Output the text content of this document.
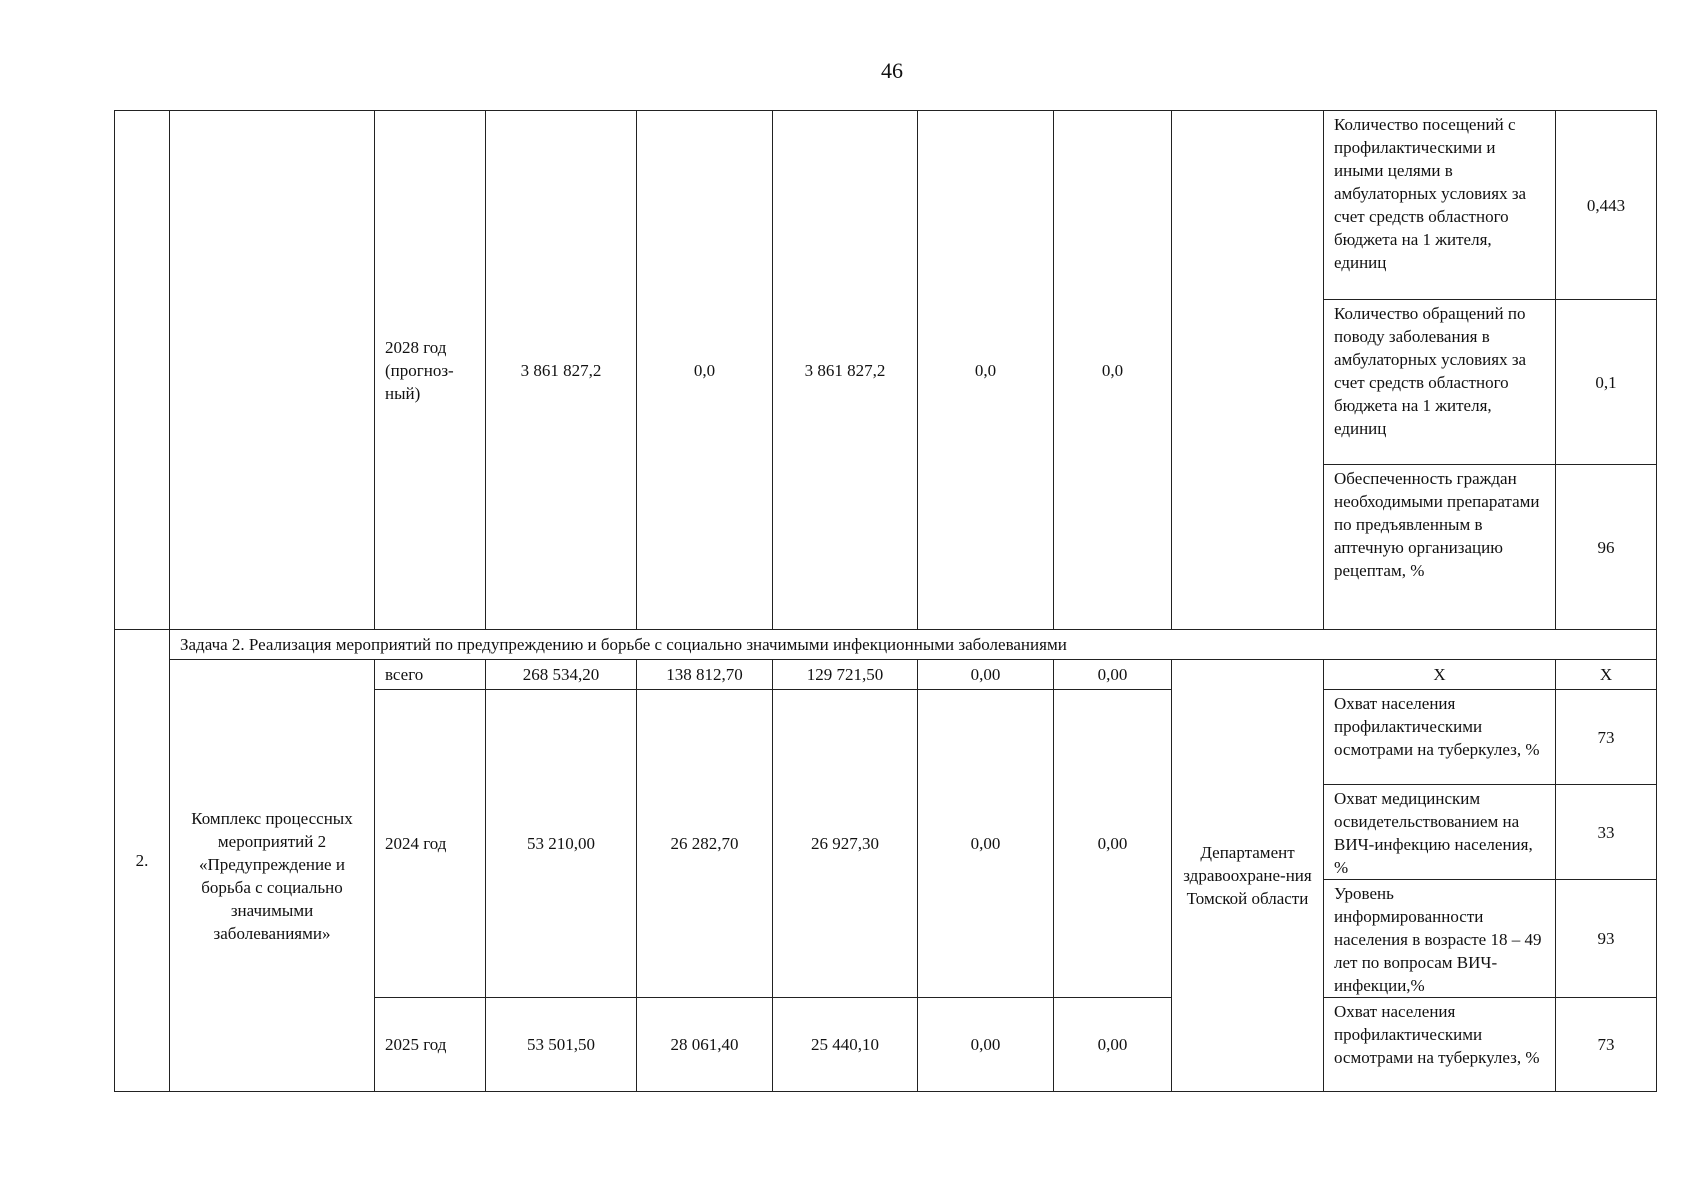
46
		2028 год (прогноз-ный)	3 861 827,2	0,0	3 861 827,2	0,0	0,0		Количество посещений с профилактическими и иными целями в амбулаторных условиях за счет средств областного бюджета на 1 жителя, единиц	0,443
									Количество обращений по поводу заболевания в амбулаторных условиях за счет средств областного бюджета на 1 жителя, единиц	0,1
									Обеспеченность граждан необходимыми препаратами по предъявленным в аптечную организацию рецептам, %	96
2.	Задача 2. Реализация мероприятий по предупреждению и борьбе с социально значимыми инфекционными заболеваниями									
	Комплекс процессных мероприятий 2 «Предупреждение и борьба с социально значимыми заболеваниями»	всего	268 534,20	138 812,70	129 721,50	0,00	0,00	Департамент здравоохране-ния Томской области	Х	Х
		2024 год	53 210,00	26 282,70	26 927,30	0,00	0,00		Охват населения профилактическими осмотрами на туберкулез, %	73
									Охват медицинским освидетельствованием на ВИЧ-инфекцию населения, %	33
									Уровень информированности населения в возрасте 18 – 49 лет по вопросам ВИЧ-инфекции,%	93
		2025 год	53 501,50	28 061,40	25 440,10	0,00	0,00		Охват населения профилактическими осмотрами на туберкулез, %	73
